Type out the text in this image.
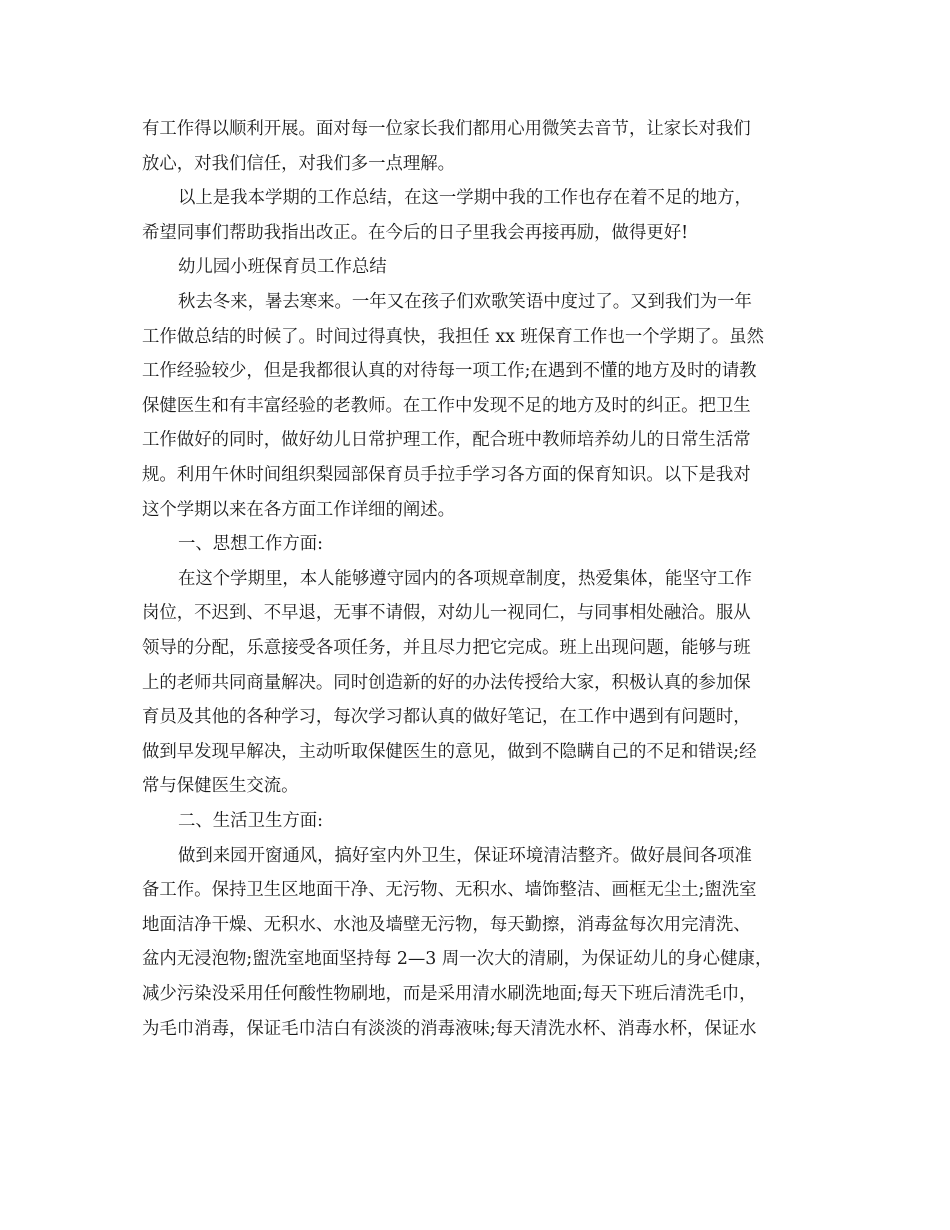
有工作得以顺利开展。面对每一位家长我们都用心用微笑去音节，让家长对我们
放心，对我们信任，对我们多一点理解。
以上是我本学期的工作总结，在这一学期中我的工作也存在着不足的地方，
希望同事们帮助我指出改正。在今后的日子里我会再接再励，做得更好!
幼儿园小班保育员工作总结
秋去冬来，暑去寒来。一年又在孩子们欢歌笑语中度过了。又到我们为一年
工作做总结的时候了。时间过得真快，我担任 xx 班保育工作也一个学期了。虽然
工作经验较少，但是我都很认真的对待每一项工作;在遇到不懂的地方及时的请教
保健医生和有丰富经验的老教师。在工作中发现不足的地方及时的纠正。把卫生
工作做好的同时，做好幼儿日常护理工作，配合班中教师培养幼儿的日常生活常
规。利用午休时间组织梨园部保育员手拉手学习各方面的保育知识。以下是我对
这个学期以来在各方面工作详细的阐述。
一、思想工作方面:
在这个学期里，本人能够遵守园内的各项规章制度，热爱集体，能坚守工作
岗位，不迟到、不早退，无事不请假，对幼儿一视同仁，与同事相处融洽。服从
领导的分配，乐意接受各项任务，并且尽力把它完成。班上出现问题，能够与班
上的老师共同商量解决。同时创造新的好的办法传授给大家，积极认真的参加保
育员及其他的各种学习，每次学习都认真的做好笔记，在工作中遇到有问题时，
做到早发现早解决，主动听取保健医生的意见，做到不隐瞒自己的不足和错误;经
常与保健医生交流。
二、生活卫生方面:
做到来园开窗通风，搞好室内外卫生，保证环境清洁整齐。做好晨间各项准
备工作。保持卫生区地面干净、无污物、无积水、墙饰整洁、画框无尘土;盥洗室
地面洁净干燥、无积水、水池及墙壁无污物，每天勤擦，消毒盆每次用完清洗、
盆内无浸泡物;盥洗室地面坚持每 2—3 周一次大的清刷，为保证幼儿的身心健康，
减少污染没采用任何酸性物刷地，而是采用清水刷洗地面;每天下班后清洗毛巾，
为毛巾消毒，保证毛巾洁白有淡淡的消毒液味;每天清洗水杯、消毒水杯，保证水
